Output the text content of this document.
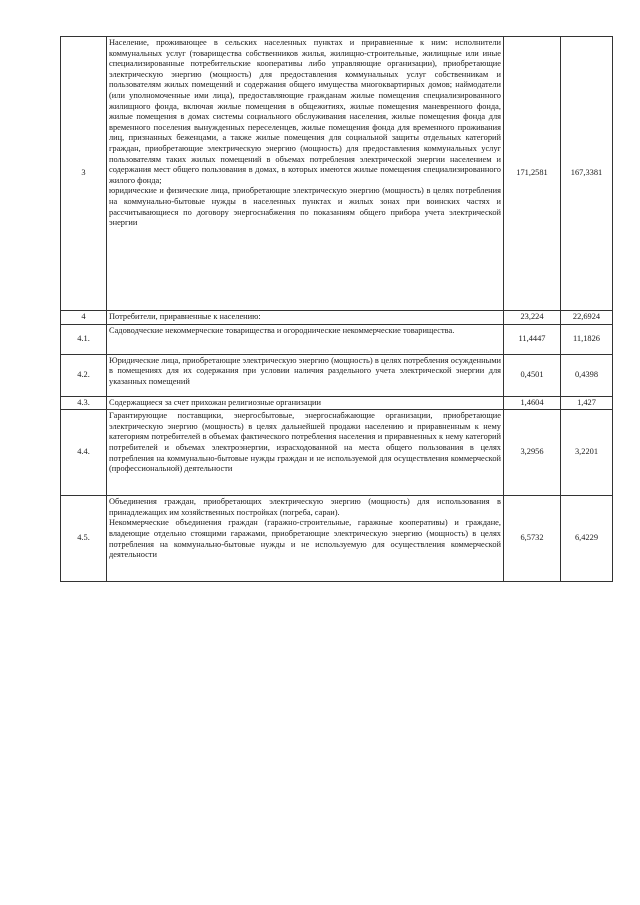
3	Население, проживающее в сельских населенных пунктах и приравненные к ним: исполнители коммунальных услуг (товарищества собственников жилья, жилищно-строительные, жилищные или иные специализированные потребительские кооперативы либо управляющие организации), приобретающие электрическую энергию (мощность) для предоставления коммунальных услуг собственникам и пользователям жилых помещений и содержания общего имущества многоквартирных домов; наймодатели (или уполномоченные ими лица), предоставляющие гражданам жилые помещения специализированного жилищного фонда, включая жилые помещения в общежитиях, жилые помещения маневренного фонда, жилые помещения в домах системы социального обслуживания населения, жилые помещения фонда для временного поселения вынужденных переселенцев, жилые помещения фонда для временного проживания лиц, признанных беженцами, а также жилые помещения для социальной защиты отдельных категорий граждан, приобретающие электрическую энергию (мощность) для предоставления коммунальных услуг пользователям таких жилых помещений в объемах потребления электрической энергии населением и содержания мест общего пользования в домах, в которых имеются жилые помещения специализированного жилого фонда;
юридические и физические лица, приобретающие электрическую энергию (мощность) в целях потребления на коммунально-бытовые нужды в населенных пунктах и жилых зонах при воинских частях и рассчитывающиеся по договору энергоснабжения по показаниям общего прибора учета электрической энергии	171,2581	167,3381
4	Потребители, приравненные к населению:	23,224	22,6924
4.1.	Садоводческие некоммерческие товарищества и огороднические некоммерческие товарищества.	11,4447	11,1826
4.2.	Юридические лица, приобретающие электрическую энергию (мощность) в целях потребления осужденными в помещениях для их содержания при условии наличия раздельного учета электрической энергии для указанных помещений	0,4501	0,4398
4.3.	Содержащиеся за счет прихожан религиозные организации	1,4604	1,427
4.4.	Гарантирующие поставщики, энергосбытовые, энергоснабжающие организации, приобретающие электрическую энергию (мощность) в целях дальнейшей продажи населению и приравненным к нему категориям потребителей в объемах фактического потребления населения и приравненных к нему категорий потребителей и объемах электроэнергии, израсходованной на места общего пользования в целях потребления на коммунально-бытовые нужды граждан и не используемой для осуществления коммерческой (профессиональной) деятельности	3,2956	3,2201
4.5.	Объединения граждан, приобретающих электрическую энергию (мощность) для использования в принадлежащих им хозяйственных постройках (погреба, сараи).
Некоммерческие объединения граждан (гаражно-строительные, гаражные кооперативы) и граждане, владеющие отдельно стоящими гаражами, приобретающие электрическую энергию (мощность) в целях потребления на коммунально-бытовые нужды и не используемую для осуществления коммерческой деятельности	6,5732	6,4229
